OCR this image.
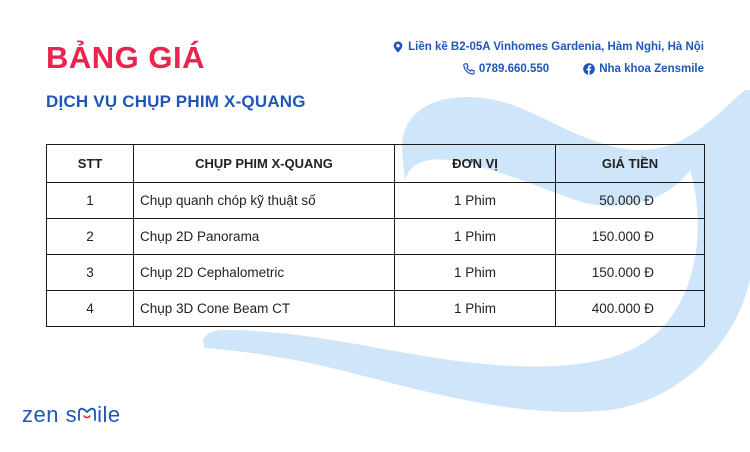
BẢNG GIÁ
DỊCH VỤ CHỤP PHIM X-QUANG
Liền kề B2-05A Vinhomes Gardenia, Hàm Nghi, Hà Nội
0789.660.550	Nha khoa Zensmile
STT	CHỤP PHIM X-QUANG	ĐƠN VỊ	GIÁ TIỀN
1	Chụp quanh chóp kỹ thuật số	1 Phim	50.000 Đ
2	Chụp 2D Panorama	1 Phim	150.000 Đ
3	Chụp 2D Cephalometric	1 Phim	150.000 Đ
4	Chụp 3D Cone Beam CT	1 Phim	400.000 Đ
zen s ile
